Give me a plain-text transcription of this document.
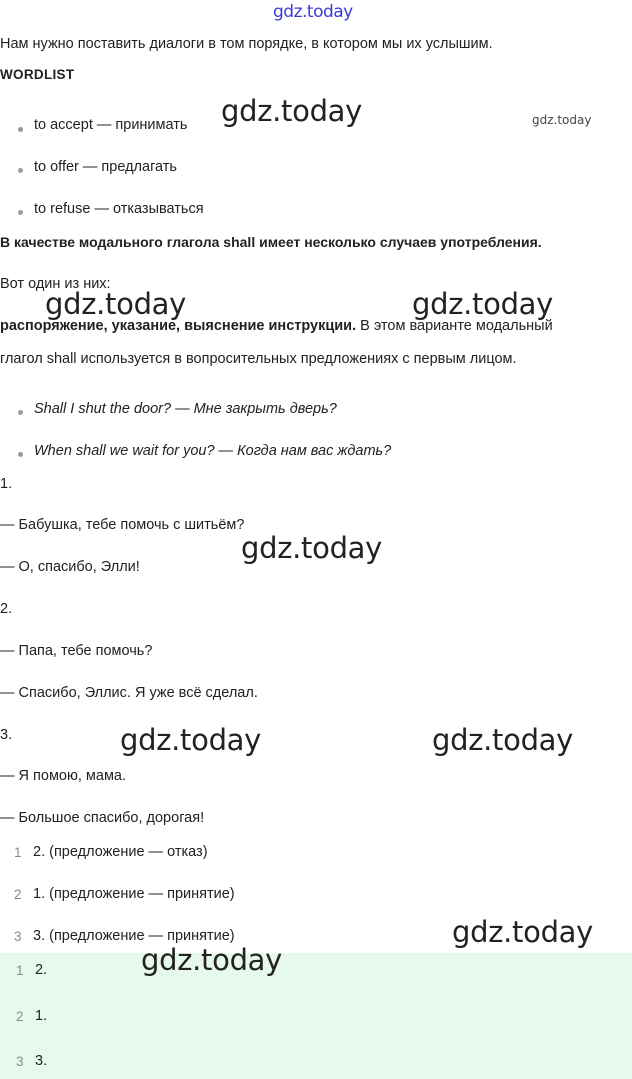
gdz.today
Нам нужно поставить диалоги в том порядке, в котором мы их услышим.
WORDLIST
to accept — принимать
to offer — предлагать
to refuse — отказываться
В качестве модального глагола shall имеет несколько случаев употребления.
Вот один из них:
распоряжение, указание, выяснение инструкции. В этом варианте модальный
глагол shall используется в вопросительных предложениях с первым лицом.
Shall I shut the door? — Мне закрыть дверь?
When shall we wait for you? — Когда нам вас ждать?
1.
— Бабушка, тебе помочь с шитьём?
— О, спасибо, Элли!
2.
— Папа, тебе помочь?
— Спасибо, Эллис. Я уже всё сделал.
3.
— Я помою, мама.
— Большое спасибо, дорогая!
1 2. (предложение — отказ)
2 1. (предложение — принятие)
3 3. (предложение — принятие)
1 2.
2 1.
3 3.
gdz.today	gdz.today
gdz.today	gdz.today
gdz.today
gdz.today	gdz.today
gdz.today
gdz.today
